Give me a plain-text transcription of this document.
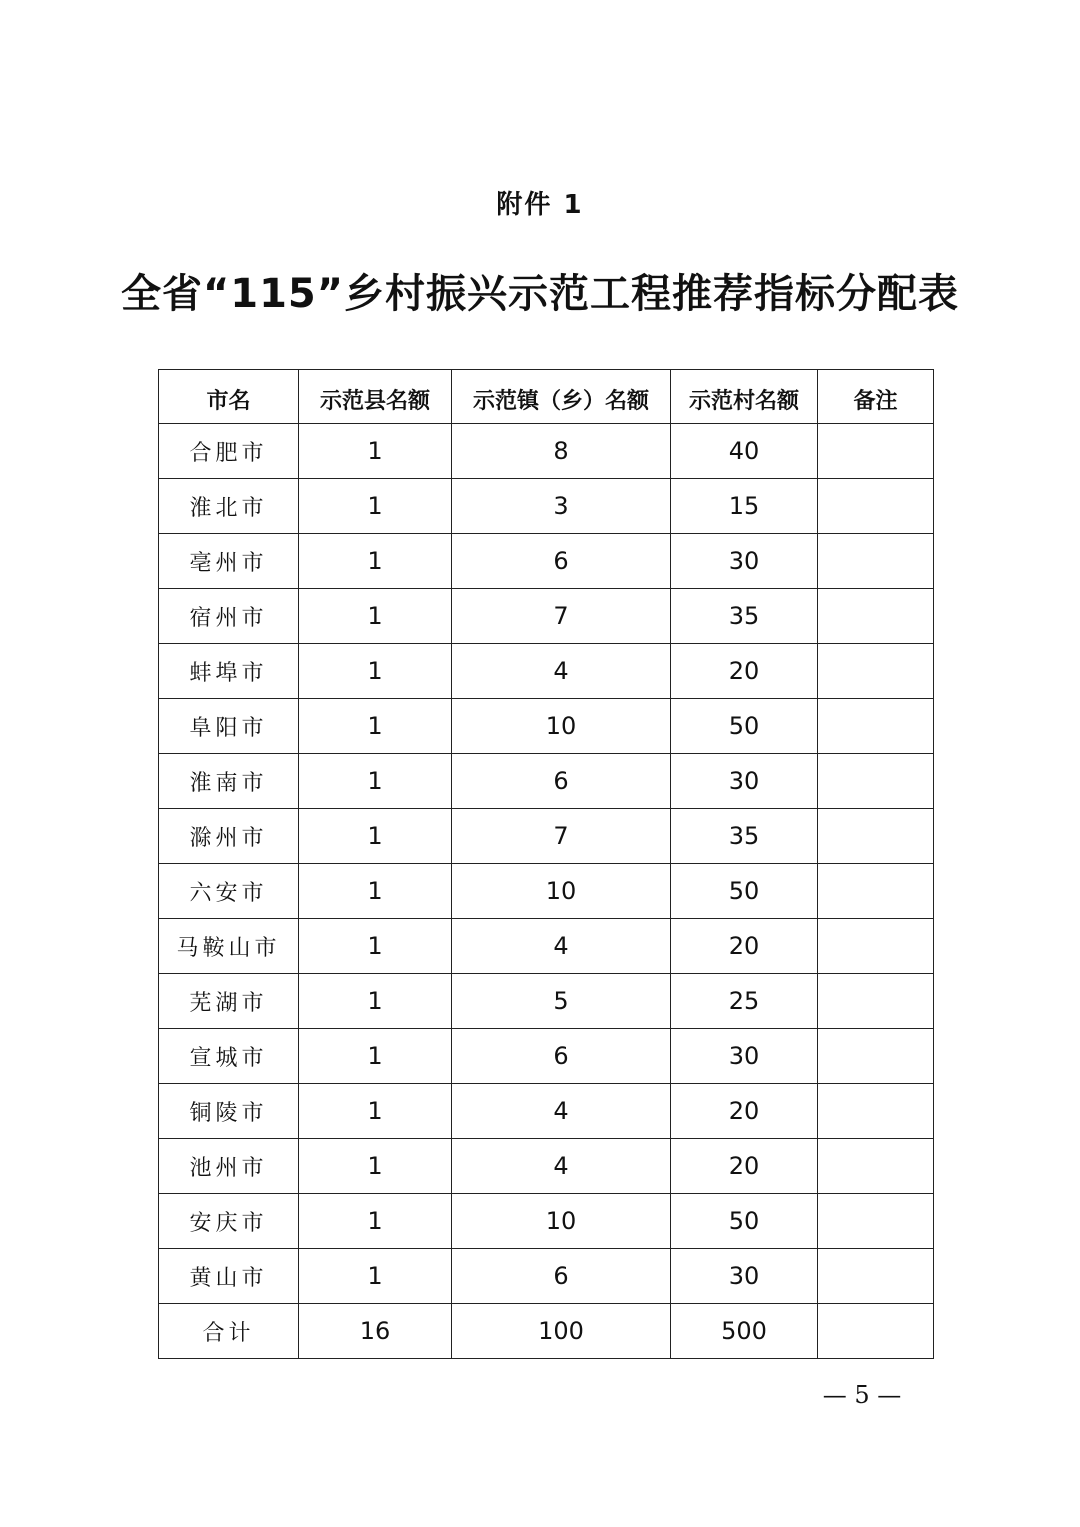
附件 1
全省“115”乡村振兴示范工程推荐指标分配表
市名	示范县名额	示范镇（乡）名额	示范村名额	备注
合肥市	1	8	40	
淮北市	1	3	15	
亳州市	1	6	30	
宿州市	1	7	35	
蚌埠市	1	4	20	
阜阳市	1	10	50	
淮南市	1	6	30	
滁州市	1	7	35	
六安市	1	10	50	
马鞍山市	1	4	20	
芜湖市	1	5	25	
宣城市	1	6	30	
铜陵市	1	4	20	
池州市	1	4	20	
安庆市	1	10	50	
黄山市	1	6	30	
合计	16	100	500	
— 5 —
